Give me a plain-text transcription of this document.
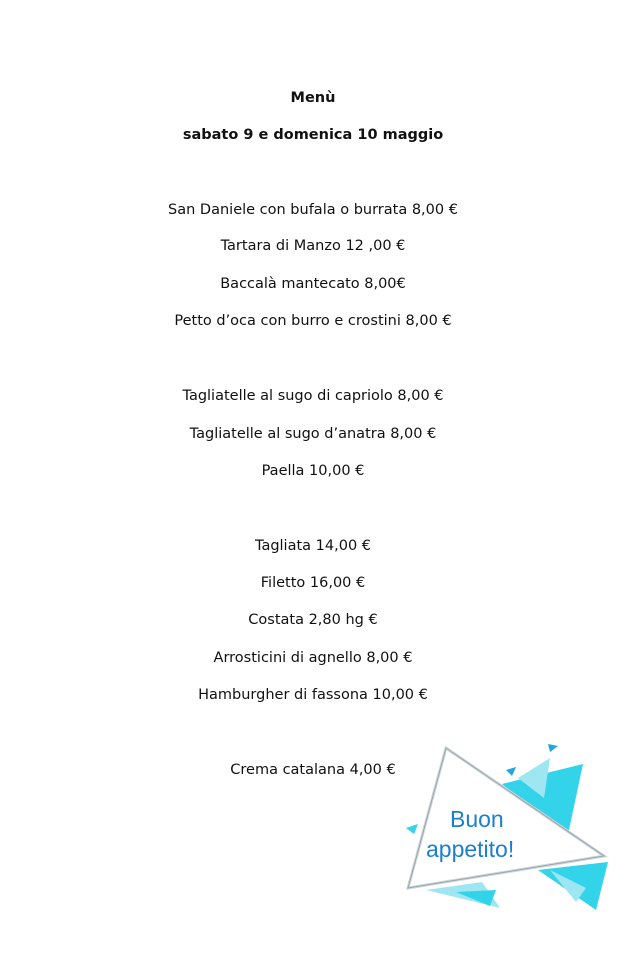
Menù
sabato 9 e domenica 10 maggio
San Daniele con bufala o burrata 8,00 €
Tartara di Manzo 12 ,00 €
Baccalà mantecato 8,00€
Petto d’oca con burro e crostini 8,00 €
Tagliatelle al sugo di capriolo 8,00 €
Tagliatelle al sugo d’anatra 8,00 €
Paella 10,00 €
Tagliata 14,00 €
Filetto 16,00 €
Costata 2,80 hg €
Arrosticini di agnello 8,00 €
Hamburgher di fassona 10,00 €
Crema catalana 4,00 €
Buon
appetito!
